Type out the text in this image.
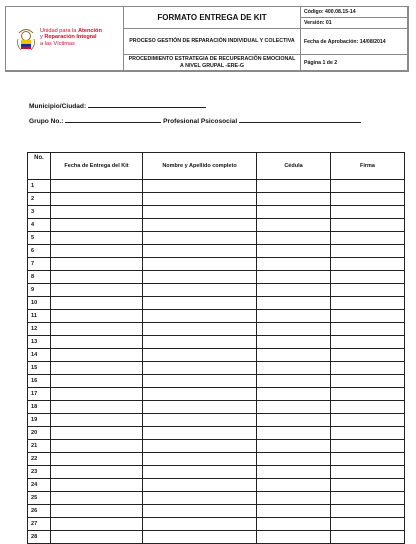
Unidad para la Atención
y Reparación Integral
a las Víctimas
FORMATO ENTREGA DE KIT
PROCESO GESTIÓN DE REPARACIÓN INDIVIDUAL Y COLECTIVA
PROCEDIMIENTO ESTRATEGIA DE RECUPERACIÓN EMOCIONAL A NIVEL GRUPAL -ERE-G
Código: 400.08.15-14
Versión: 01
Fecha de Aprobación: 14/08/2014
Página 1 de 2
Municipio/Ciudad:
Grupo No.:	Profesional Psicosocial
No.	Fecha de Entrega del Kit	Nombre y Apellido completo	Cédula	Firma
1				
2				
3				
4				
5				
6				
7				
8				
9				
10				
11				
12				
13				
14				
15				
16				
17				
18				
19				
20				
21				
22				
23				
24				
25				
26				
27				
28				
